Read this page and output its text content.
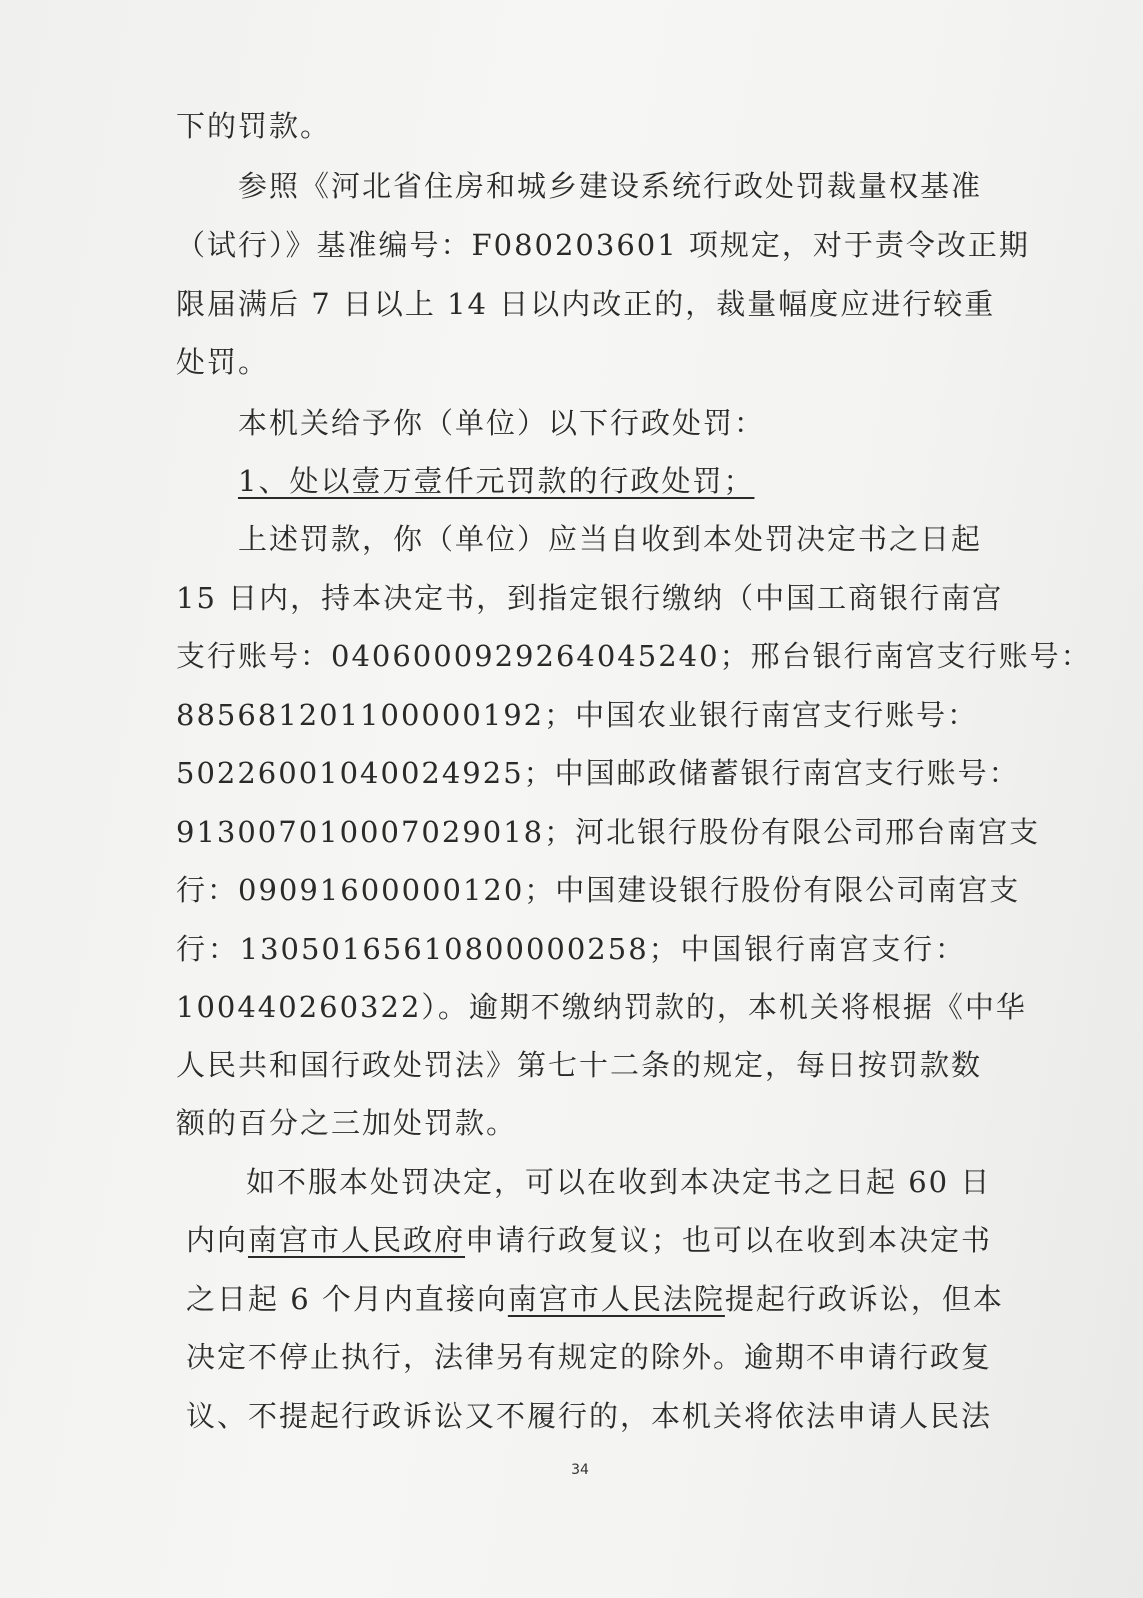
下的罚款。
参照《河北省住房和城乡建设系统行政处罚裁量权基准
（试行）》基准编号：F080203601 项规定，对于责令改正期
限届满后 7 日以上 14 日以内改正的，裁量幅度应进行较重
处罚。
本机关给予你（单位）以下行政处罚：
1、处以壹万壹仟元罚款的行政处罚；
上述罚款，你（单位）应当自收到本处罚决定书之日起
15 日内，持本决定书，到指定银行缴纳（中国工商银行南宫
支行账号：0406000929264045240；邢台银行南宫支行账号：
885681201100000192；中国农业银行南宫支行账号：
50226001040024925；中国邮政储蓄银行南宫支行账号：
913007010007029018；河北银行股份有限公司邢台南宫支
行：09091600000120；中国建设银行股份有限公司南宫支
行：13050165610800000258；中国银行南宫支行：
100440260322）。逾期不缴纳罚款的，本机关将根据《中华
人民共和国行政处罚法》第七十二条的规定，每日按罚款数
额的百分之三加处罚款。
如不服本处罚决定，可以在收到本决定书之日起 60 日
内向南宫市人民政府申请行政复议；也可以在收到本决定书
之日起 6 个月内直接向南宫市人民法院提起行政诉讼，但本
决定不停止执行，法律另有规定的除外。逾期不申请行政复
议、不提起行政诉讼又不履行的，本机关将依法申请人民法
34
